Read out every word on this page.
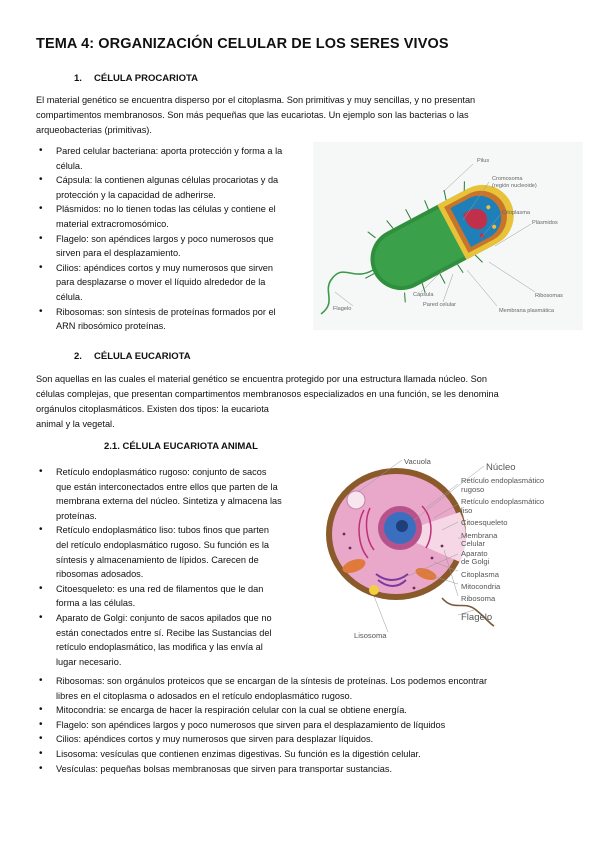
TEMA 4: ORGANIZACIÓN CELULAR DE LOS SERES VIVOS
1. CÉLULA PROCARIOTA
El material genético se encuentra disperso por el citoplasma. Son primitivas y muy sencillas, y no presentan
compartimentos membranosos. Son más pequeñas que las eucariotas. Un ejemplo son las bacterias o las
arqueobacterias (primitivas).
• Pared celular bacteriana: aporta protección y forma a la
célula.
• Cápsula: la contienen algunas células procariotas y da
protección y la capacidad de adherirse.
• Plásmidos: no lo tienen todas las células y contiene el
material extracromosómico.
• Flagelo: son apéndices largos y poco numerosos que
sirven para el desplazamiento.
• Cilios: apéndices cortos y muy numerosos que sirven
para desplazarse o mover el líquido alrededor de la
célula.
• Ribosomas: son síntesis de proteínas formados por el
ARN ribosómico proteínas.
Pilus
Cromosoma
(región nucleoide)
Citoplasma
Plásmidos
Flagelo
Cápsula
Pared celular
Ribosomas
Membrana plasmática
2. CÉLULA EUCARIOTA
Son aquellas en las cuales el material genético se encuentra protegido por una estructura llamada núcleo. Son
células complejas, que presentan compartimentos membranosos especializados en una función, se les denomina
orgánulos citoplasmáticos. Existen dos tipos: la eucariota
animal y la vegetal.
2.1. CÉLULA EUCARIOTA ANIMAL
• Retículo endoplasmático rugoso: conjunto de sacos
que están interconectados entre ellos que parten de la
membrana externa del núcleo. Sintetiza y almacena las
proteínas.
• Retículo endoplasmático liso: tubos finos que parten
del retículo endoplasmático rugoso. Su función es la
síntesis y almacenamiento de lípidos. Carecen de
ribosomas adosados.
• Citoesqueleto: es una red de filamentos que le dan
forma a las células.
• Aparato de Golgi: conjunto de sacos apilados que no
están conectados entre sí. Recibe las Sustancias del
retículo endoplasmático, las modifica y las envía al
lugar necesario.
• Ribosomas: son orgánulos proteicos que se encargan de la síntesis de proteínas. Los podemos encontrar
libres en el citoplasma o adosados en el retículo endoplasmático rugoso.
• Mitocondria: se encarga de hacer la respiración celular con la cual se obtiene energía.
• Flagelo: son apéndices largos y poco numerosos que sirven para el desplazamiento de líquidos
• Cilios: apéndices cortos y muy numerosos que sirven para desplazar líquidos.
• Lisosoma: vesículas que contienen enzimas digestivas. Su función es la digestión celular.
• Vesículas: pequeñas bolsas membranosas que sirven para transportar sustancias.
Vacuola
Núcleo
Retículo endoplasmático
rugoso
Retículo endoplasmático
liso
Citoesqueleto
Membrana
Celular
Aparato
de Golgi
Citoplasma
Mitocondria
Ribosoma
Flagelo
Lisosoma
